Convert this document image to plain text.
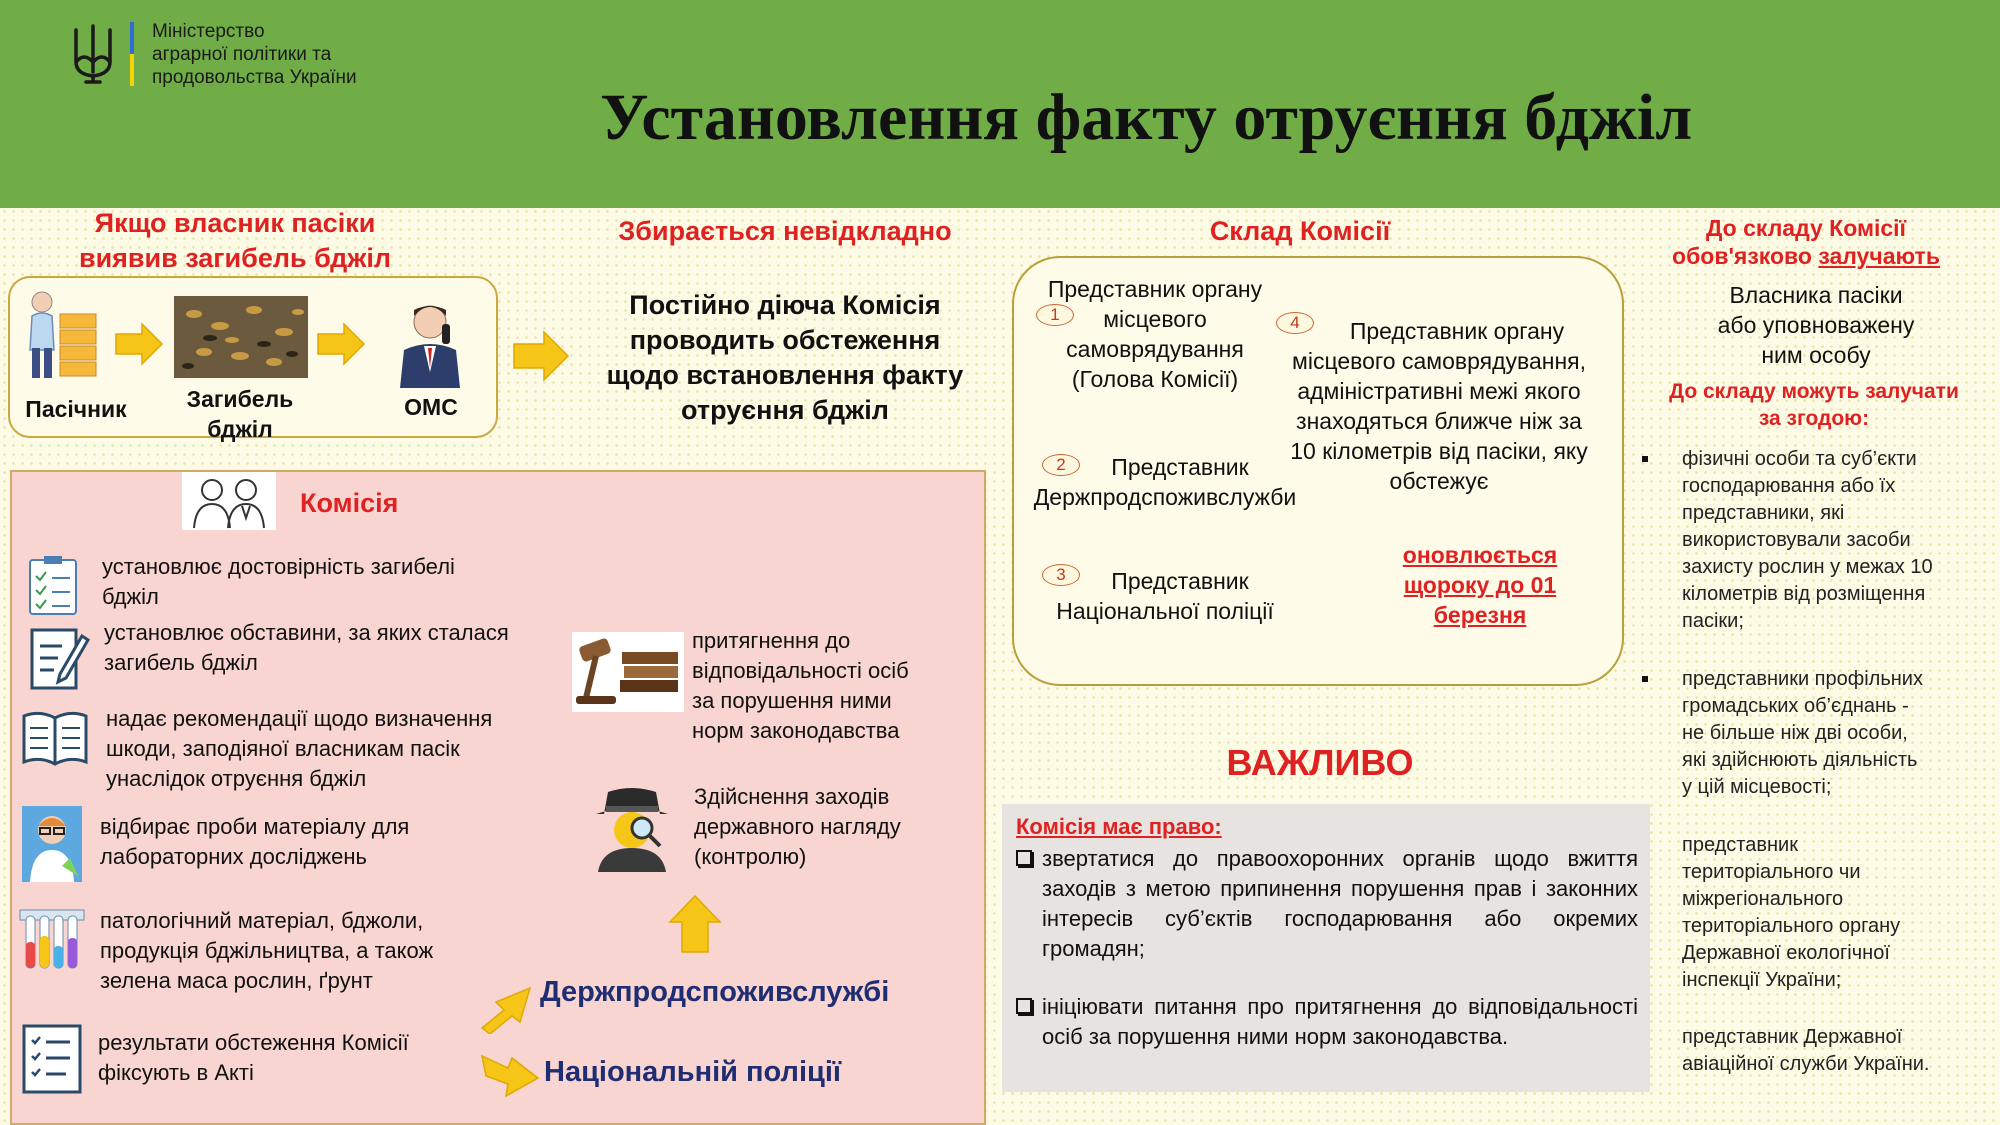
Міністерство
аграрної політики та
продовольства України
Установлення факту отруєння бджіл
Якщо власник пасіки
виявив загибель бджіл
Пасічник	Загибель
бджіл
ОМС
Збирається невідкладно
Постійно діюча Комісія
проводить обстеження
щодо встановлення факту
отруєння бджіл
Склад Комісії
1
Представник органу
місцевого
самоврядування
(Голова Комісії)
2	Представник
Держпродспоживслужби
3	Представник
Національної поліції
4	Представник органу
місцевого самоврядування,
адміністративні межі якого
знаходяться ближче ніж за
10 кілометрів від пасіки, яку
обстежує
оновлюється
щороку до 01
березня
До складу Комісії
обов'язково залучають
Власника пасіки
або уповноважену
ним особу
До складу можуть залучати
за згодою:
фізичні особи та суб’єкти
господарювання або їх
представники, які
використовували засоби
захисту рослин у межах 10
кілометрів від розміщення
пасіки;
представники профільних
громадських об’єднань -
не більше ніж дві особи,
які здійснюють діяльність
у цій місцевості;
представник
територіального чи
міжрегіонального
територіального органу
Державної екологічної
інспекції України;
представник Державної
авіаційної служби України.
Комісія
установлює достовірність загибелі
бджіл
установлює обставини, за яких сталася
загибель бджіл
надає рекомендації щодо визначення
шкоди, заподіяної власникам пасік
унаслідок отруєння бджіл
відбирає проби матеріалу для
лабораторних досліджень
патологічний матеріал, бджоли,
продукція бджільництва, а також
зелена маса рослин, ґрунт
результати обстеження Комісії
фіксують в Акті
притягнення до
відповідальності осіб
за порушення ними
норм законодавства
Здійснення заходів
державного нагляду
(контролю)
Держпродспоживслужбі
Національній поліції
ВАЖЛИВО
Комісія має право:
звертатися до правоохоронних органів щодо вжиття заходів з метою припинення порушення прав і законних інтересів суб’єктів господарювання або окремих громадян;
ініціювати питання про притягнення до відповідальності осіб за порушення ними норм законодавства.
